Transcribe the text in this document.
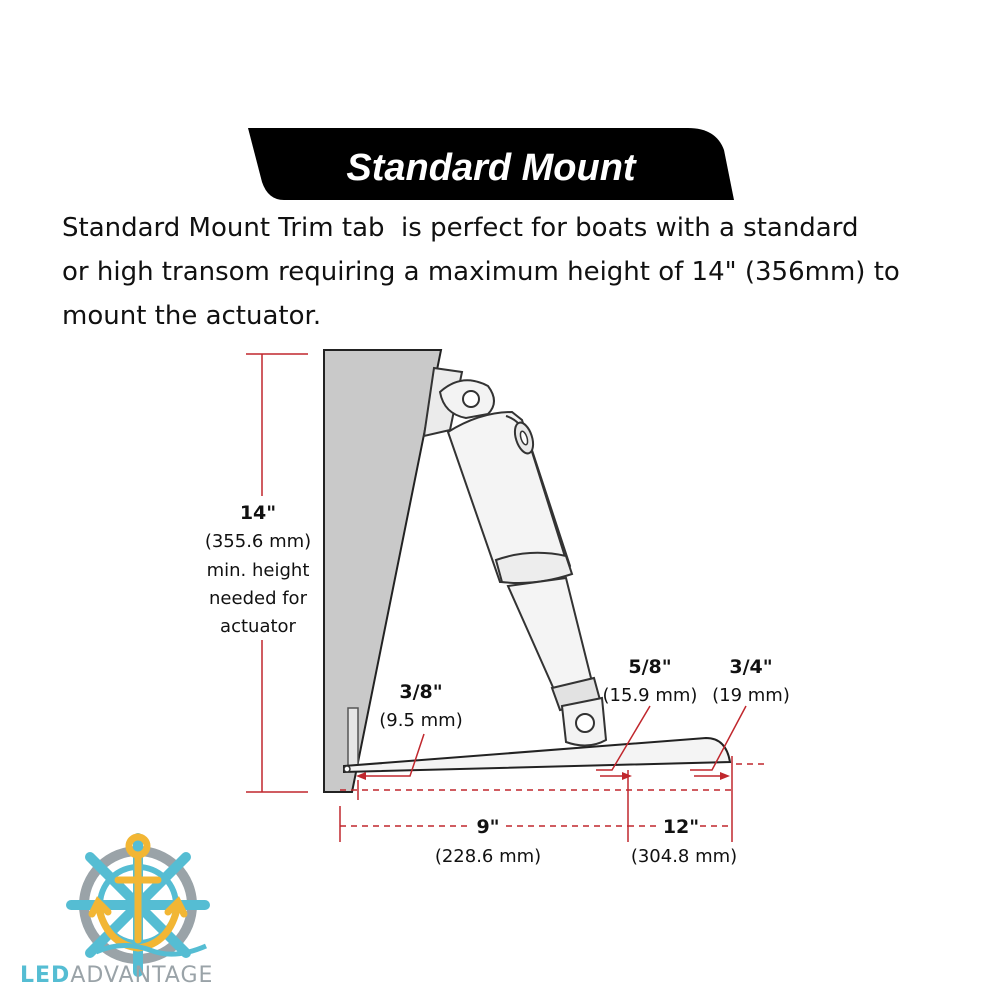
Standard Mount
Standard Mount Trim tab  is perfect for boats with a standard
or high transom requiring a maximum height of 14" (356mm) to
mount the actuator.
14"
(355.6 mm)
min. height
needed for
actuator
3/8"
(9.5 mm)
5/8"
(15.9 mm)
3/4"
(19 mm)
9"
(228.6 mm)
12"
(304.8 mm)
LEDADVANTAGE
